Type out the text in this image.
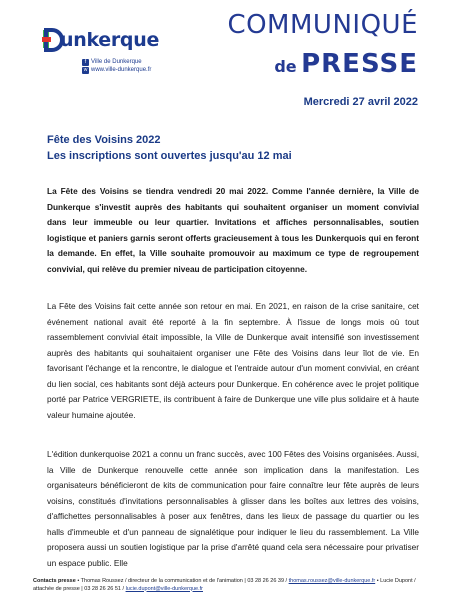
unkerque
f Ville de Dunkerque
w www.ville-dunkerque.fr
COMMUNIQUÉ
de PRESSE
Mercredi 27 avril 2022
Fête des Voisins 2022
Les inscriptions sont ouvertes jusqu'au 12 mai

La Fête des Voisins se tiendra vendredi 20 mai 2022. Comme l'année dernière, la Ville de Dunkerque s'investit auprès des habitants qui souhaitent organiser un moment convivial dans leur immeuble ou leur quartier. Invitations et affiches personnalisables, soutien logistique et paniers garnis seront offerts gracieusement à tous les Dunkerquois qui en feront la demande. En effet, la Ville souhaite promouvoir au maximum ce type de regroupement convivial, qui relève du premier niveau de participation citoyenne.

La Fête des Voisins fait cette année son retour en mai. En 2021, en raison de la crise sanitaire, cet événement national avait été reporté à la fin septembre. À l'issue de longs mois où tout rassemblement convivial était impossible, la Ville de Dunkerque avait intensifié son investissement auprès des habitants qui souhaitaient organiser une Fête des Voisins dans leur îlot de vie. En favorisant l'échange et la rencontre, le dialogue et l'entraide autour d'un moment convivial, en créant du lien social, ces habitants sont déjà acteurs pour Dunkerque. En cohérence avec le projet politique porté par Patrice VERGRIETE, ils contribuent à faire de Dunkerque une ville plus solidaire et à haute valeur humaine ajoutée.

L'édition dunkerquoise 2021 a connu un franc succès, avec 100 Fêtes des Voisins organisées. Aussi, la Ville de Dunkerque renouvelle cette année son implication dans la manifestation. Les organisateurs bénéficieront de kits de communication pour faire connaître leur fête auprès de leurs voisins, constitués d'invitations personnalisables à glisser dans les boîtes aux lettres des voisins, d'affichettes personnalisables à poser aux fenêtres, dans les lieux de passage du quartier ou les halls d'immeuble et d'un panneau de signalétique pour indiquer le lieu du rassemblement. La Ville proposera aussi un soutien logistique par la prise d'arrêté quand cela sera nécessaire pour privatiser un espace public. Elle

Contacts presse • Thomas Roussez / directeur de la communication et de l'animation | 03 28 26 26 39 / thomas.roussez@ville-dunkerque.fr • Lucie Dupont / attachée de presse | 03 28 26 26 51 / lucie.dupont@ville-dunkerque.fr
